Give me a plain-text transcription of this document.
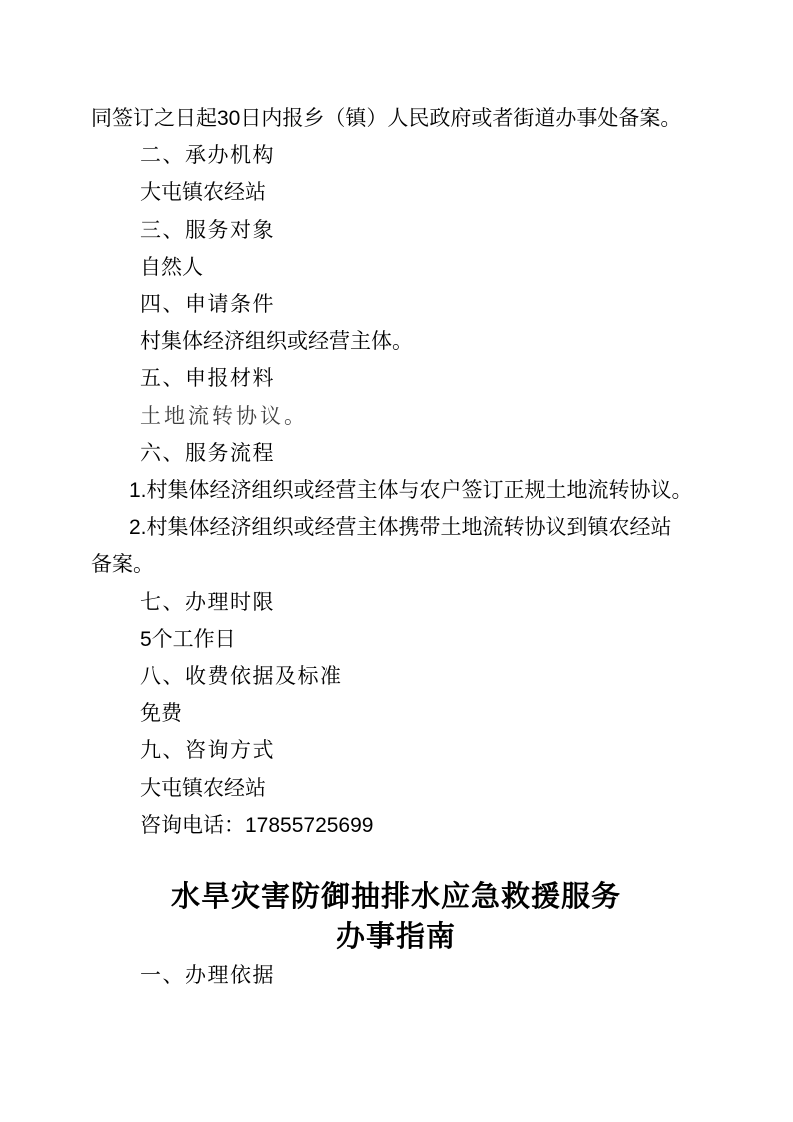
同签订之日起30日内报乡（镇）人民政府或者街道办事处备案。

二、承办机构

大屯镇农经站

三、服务对象

自然人

四、申请条件

村集体经济组织或经营主体。

五、申报材料

土地流转协议。

六、服务流程

1.村集体经济组织或经营主体与农户签订正规土地流转协议。

2.村集体经济组织或经营主体携带土地流转协议到镇农经站

备案。

七、办理时限

5个工作日

八、收费依据及标准

免费

九、咨询方式

大屯镇农经站

咨询电话：17855725699

水旱灾害防御抽排水应急救援服务
办事指南

一、办理依据
